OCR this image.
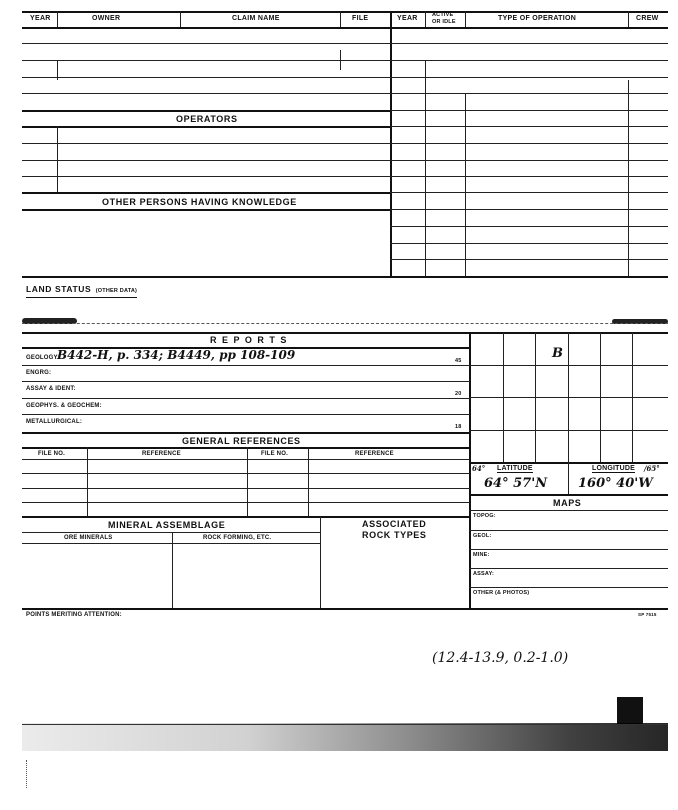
YEAR	OWNER	CLAIM NAME	FILE	YEAR	ACTIVE
OR IDLE	TYPE OF OPERATION	CREW
OPERATORS
OTHER PERSONS HAVING KNOWLEDGE
LAND STATUS (OTHER DATA)
R E P O R T S
GEOLOGY:
B442-H, p. 334; B4449, pp 108-109	45
ENGRG:
ASSAY & IDENT:
20
GEOPHYS. & GEOCHEM:
METALLURGICAL:
18
GENERAL REFERENCES
FILE NO.	REFERENCE	FILE NO.	REFERENCE
MINERAL ASSEMBLAGE	ASSOCIATED
ROCK TYPES
ORE MINERALS	ROCK FORMING, ETC.
B
64° LATITUDE	LONGITUDE /65°
64° 57'N 160° 40'W
MAPS
TOPOG:
GEOL:
MINE:
ASSAY:
OTHER (& PHOTOS)
POINTS MERITING ATTENTION:	SP 7515
(12.4-13.9, 0.2-1.0)
